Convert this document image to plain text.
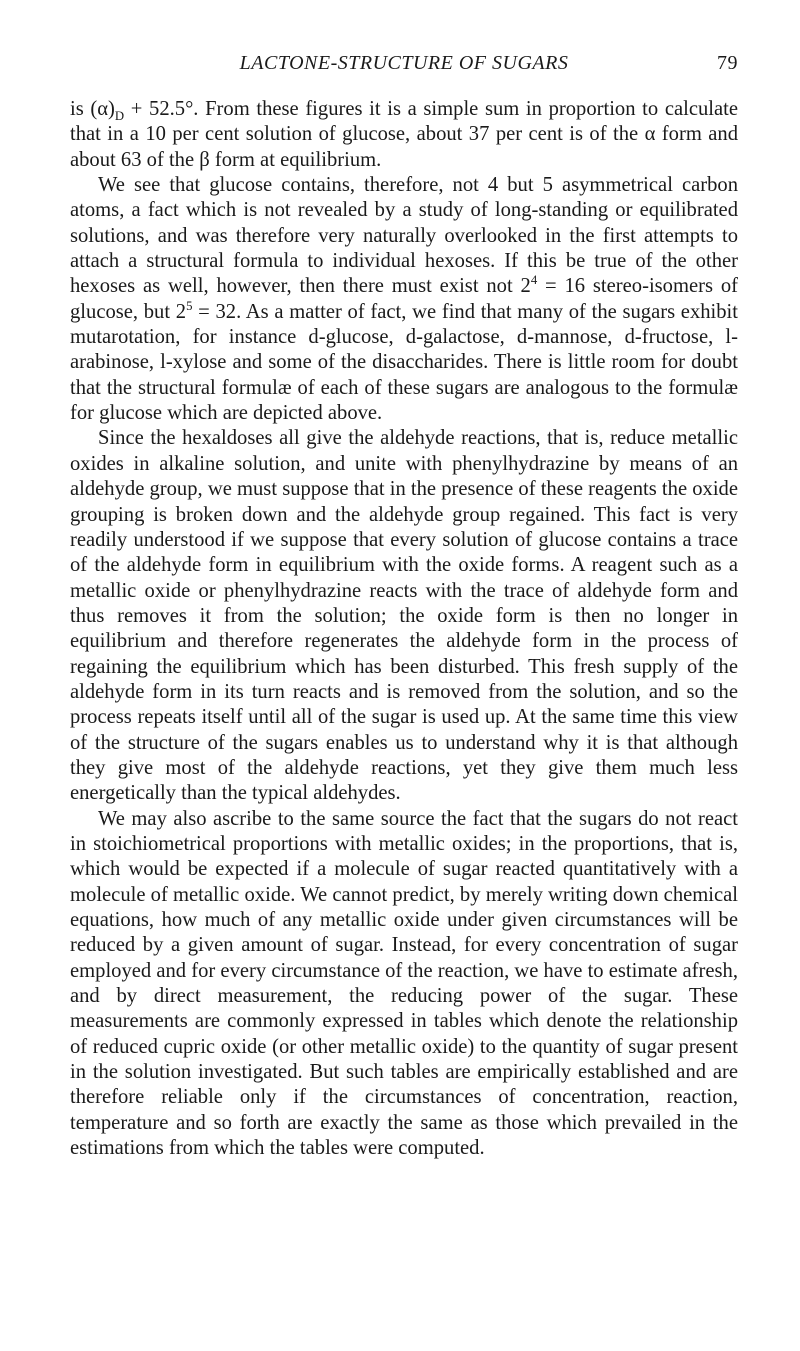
LACTONE-STRUCTURE OF SUGARS	79

is $(\alpha)_D + 52.5^\circ$. From these figures it is a simple sum in proportion to calculate that in a 10 per cent solution of glucose, about 37 per cent is of the α form and about 63 of the β form at equilibrium.

We see that glucose contains, therefore, not 4 but 5 asymmetrical carbon atoms, a fact which is not revealed by a study of long-standing or equilibrated solutions, and was therefore very naturally overlooked in the first attempts to attach a structural formula to individual hexoses. If this be true of the other hexoses as well, however, then there must exist not $2^4 = 16$ stereo-isomers of glucose, but $2^5 = 32$. As a matter of fact, we find that many of the sugars exhibit mutarotation, for instance d-glucose, d-galactose, d-mannose, d-fructose, l-arabinose, l-xylose and some of the disaccharides. There is little room for doubt that the structural formulæ of each of these sugars are analogous to the formulæ for glucose which are depicted above.

Since the hexaldoses all give the aldehyde reactions, that is, reduce metallic oxides in alkaline solution, and unite with phenylhydrazine by means of an aldehyde group, we must suppose that in the presence of these reagents the oxide grouping is broken down and the aldehyde group regained. This fact is very readily understood if we suppose that every solution of glucose contains a trace of the aldehyde form in equilibrium with the oxide forms. A reagent such as a metallic oxide or phenylhydrazine reacts with the trace of aldehyde form and thus removes it from the solution; the oxide form is then no longer in equilibrium and therefore regenerates the aldehyde form in the process of regaining the equilibrium which has been disturbed. This fresh supply of the aldehyde form in its turn reacts and is removed from the solution, and so the process repeats itself until all of the sugar is used up. At the same time this view of the structure of the sugars enables us to understand why it is that although they give most of the aldehyde reactions, yet they give them much less energetically than the typical aldehydes.

We may also ascribe to the same source the fact that the sugars do not react in stoichiometrical proportions with metallic oxides; in the proportions, that is, which would be expected if a molecule of sugar reacted quantitatively with a molecule of metallic oxide. We cannot predict, by merely writing down chemical equations, how much of any metallic oxide under given circumstances will be reduced by a given amount of sugar. Instead, for every concentration of sugar employed and for every circumstance of the reaction, we have to estimate afresh, and by direct measurement, the reducing power of the sugar. These measurements are commonly expressed in tables which denote the relationship of reduced cupric oxide (or other metallic oxide) to the quantity of sugar present in the solution investigated. But such tables are empirically established and are therefore reliable only if the circumstances of concentration, reaction, temperature and so forth are exactly the same as those which prevailed in the estimations from which the tables were computed.
